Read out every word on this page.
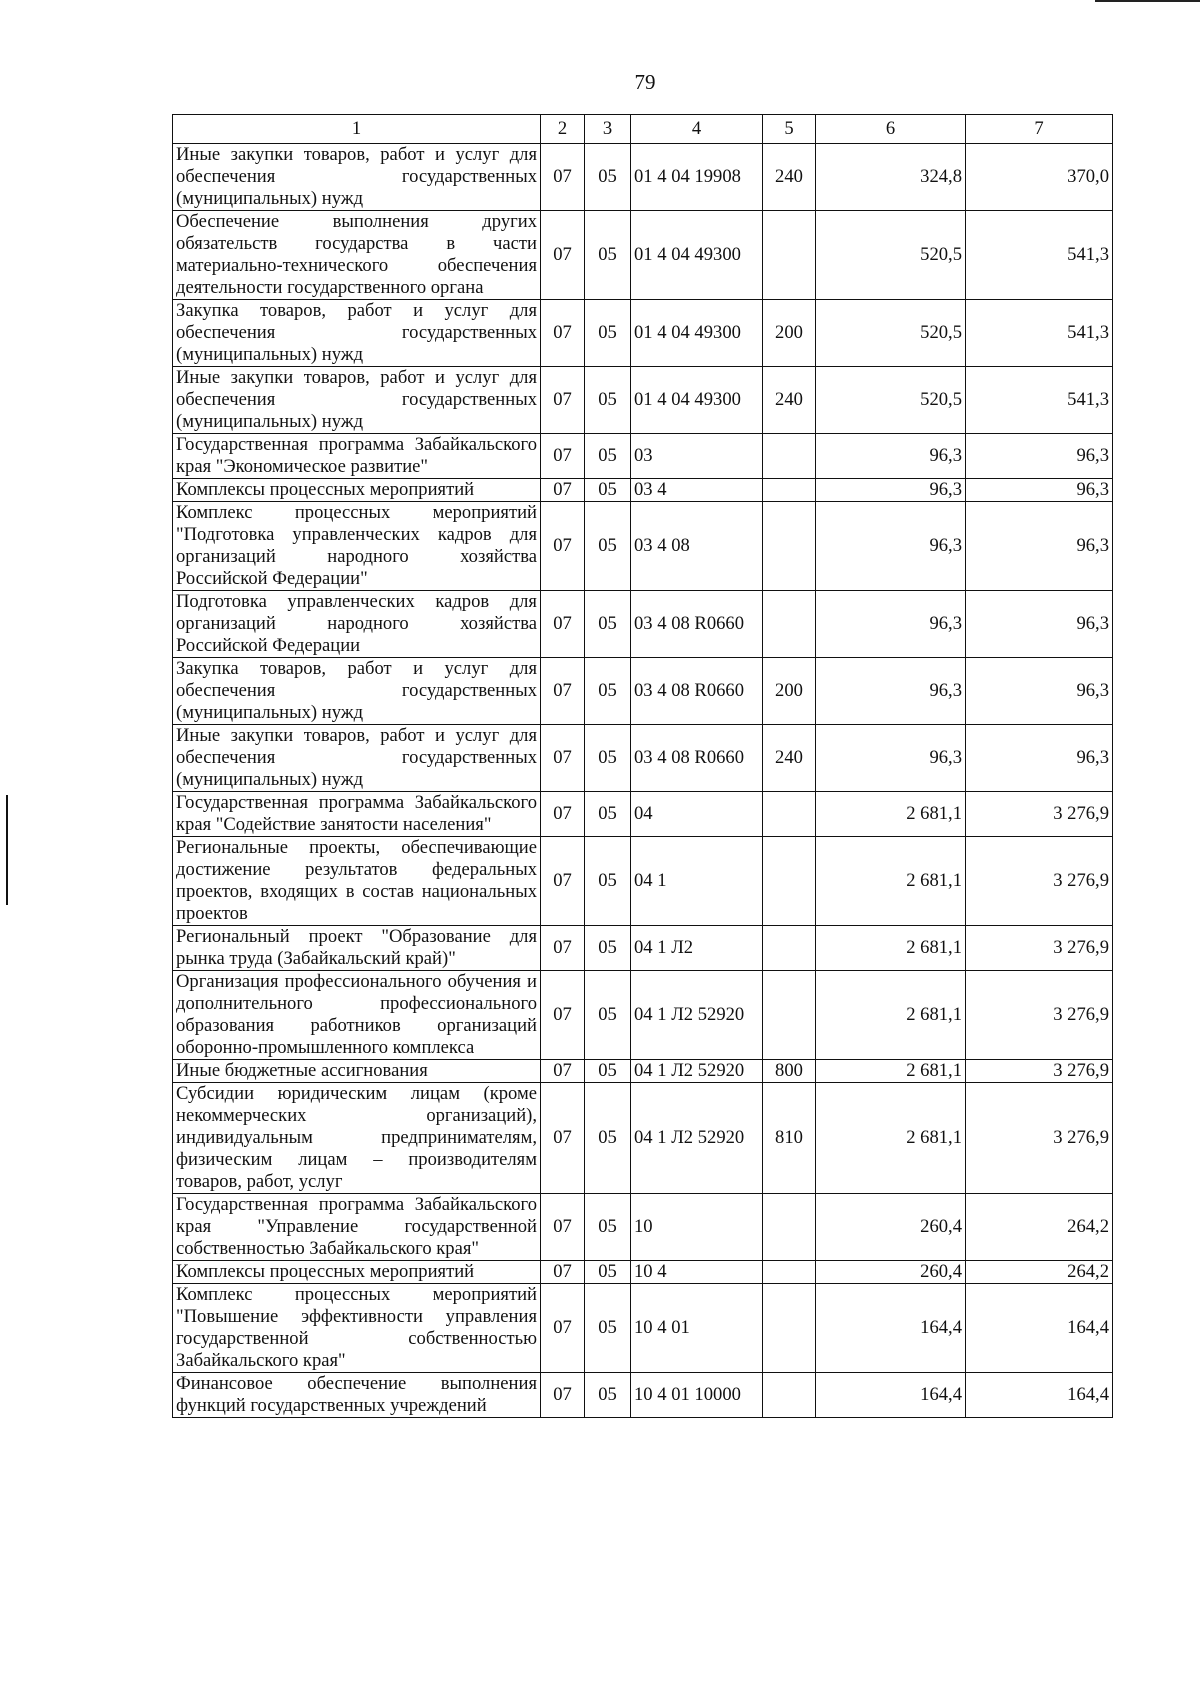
79
1	2	3	4	5	6	7
Иные закупки товаров, работ и услуг для обеспечения государственных (муниципальных) нужд	07	05	01 4 04 19908	240	324,8	370,0
Обеспечение выполнения других обязательств государства в части материально-технического обеспечения деятельности государственного органа	07	05	01 4 04 49300		520,5	541,3
Закупка товаров, работ и услуг для обеспечения государственных (муниципальных) нужд	07	05	01 4 04 49300	200	520,5	541,3
Иные закупки товаров, работ и услуг для обеспечения государственных (муниципальных) нужд	07	05	01 4 04 49300	240	520,5	541,3
Государственная программа Забайкальского края "Экономическое развитие"	07	05	03		96,3	96,3
Комплексы процессных мероприятий	07	05	03 4		96,3	96,3
Комплекс процессных мероприятий "Подготовка управленческих кадров для организаций народного хозяйства Российской Федерации"	07	05	03 4 08		96,3	96,3
Подготовка управленческих кадров для организаций народного хозяйства Российской Федерации	07	05	03 4 08 R0660		96,3	96,3
Закупка товаров, работ и услуг для обеспечения государственных (муниципальных) нужд	07	05	03 4 08 R0660	200	96,3	96,3
Иные закупки товаров, работ и услуг для обеспечения государственных (муниципальных) нужд	07	05	03 4 08 R0660	240	96,3	96,3
Государственная программа Забайкальского края "Содействие занятости населения"	07	05	04		2 681,1	3 276,9
Региональные проекты, обеспечивающие достижение результатов федеральных проектов, входящих в состав национальных проектов	07	05	04 1		2 681,1	3 276,9
Региональный проект "Образование для рынка труда (Забайкальский край)"	07	05	04 1 Л2		2 681,1	3 276,9
Организация профессионального обучения и дополнительного профессионального образования работников организаций оборонно-промышленного комплекса	07	05	04 1 Л2 52920		2 681,1	3 276,9
Иные бюджетные ассигнования	07	05	04 1 Л2 52920	800	2 681,1	3 276,9
Субсидии юридическим лицам (кроме некоммерческих организаций), индивидуальным предпринимателям, физическим лицам – производителям товаров, работ, услуг	07	05	04 1 Л2 52920	810	2 681,1	3 276,9
Государственная программа Забайкальского края "Управление государственной собственностью Забайкальского края"	07	05	10		260,4	264,2
Комплексы процессных мероприятий	07	05	10 4		260,4	264,2
Комплекс процессных мероприятий "Повышение эффективности управления государственной собственностью Забайкальского края"	07	05	10 4 01		164,4	164,4
Финансовое обеспечение выполнения функций государственных учреждений	07	05	10 4 01 10000		164,4	164,4
